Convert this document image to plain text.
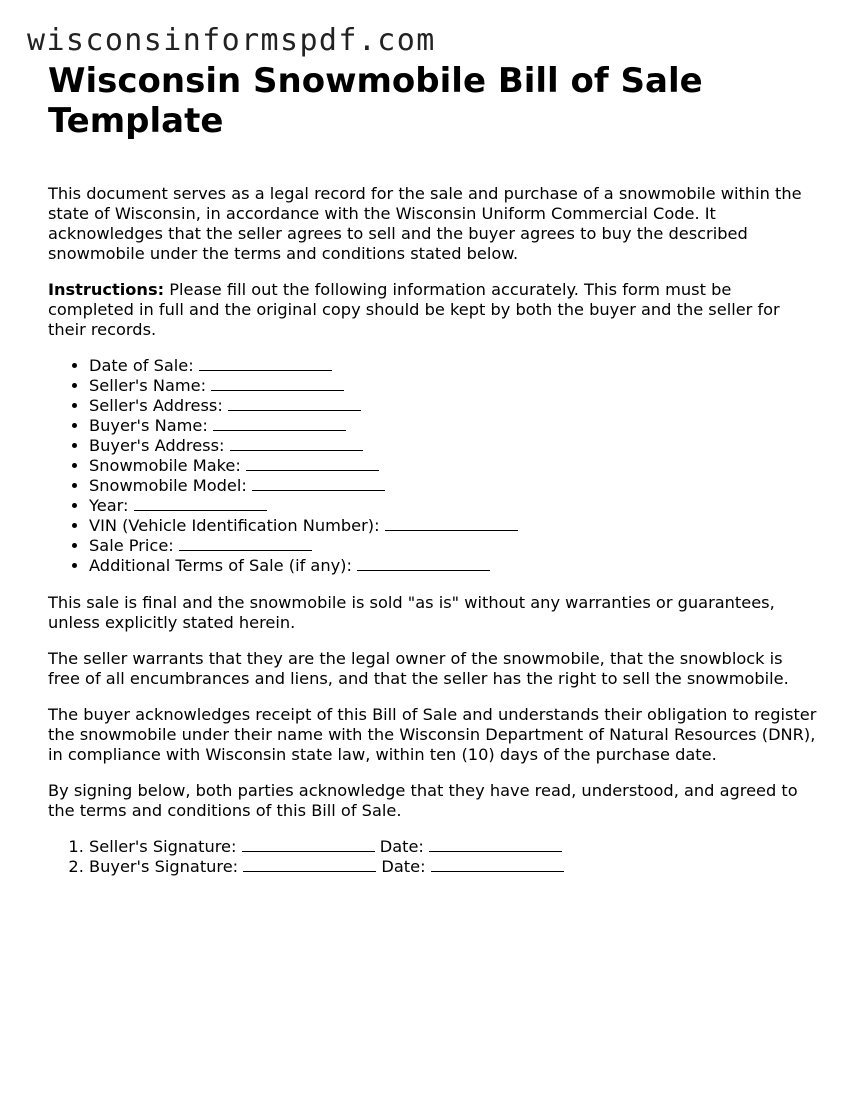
wisconsinformspdf.com
Wisconsin Snowmobile Bill of Sale Template

This document serves as a legal record for the sale and purchase of a snowmobile within the state of Wisconsin, in accordance with the Wisconsin Uniform Commercial Code. It acknowledges that the seller agrees to sell and the buyer agrees to buy the described snowmobile under the terms and conditions stated below.

Instructions: Please fill out the following information accurately. This form must be completed in full and the original copy should be kept by both the buyer and the seller for their records.

• Date of Sale:
• Seller's Name:
• Seller's Address:
• Buyer's Name:
• Buyer's Address:
• Snowmobile Make:
• Snowmobile Model:
• Year:
• VIN (Vehicle Identification Number):
• Sale Price:
• Additional Terms of Sale (if any):

This sale is final and the snowmobile is sold "as is" without any warranties or guarantees, unless explicitly stated herein.

The seller warrants that they are the legal owner of the snowmobile, that the snowblock is free of all encumbrances and liens, and that the seller has the right to sell the snowmobile.

The buyer acknowledges receipt of this Bill of Sale and understands their obligation to register the snowmobile under their name with the Wisconsin Department of Natural Resources (DNR), in compliance with Wisconsin state law, within ten (10) days of the purchase date.

By signing below, both parties acknowledge that they have read, understood, and agreed to the terms and conditions of this Bill of Sale.

1. Seller's Signature:	Date:
2. Buyer's Signature:	Date:
